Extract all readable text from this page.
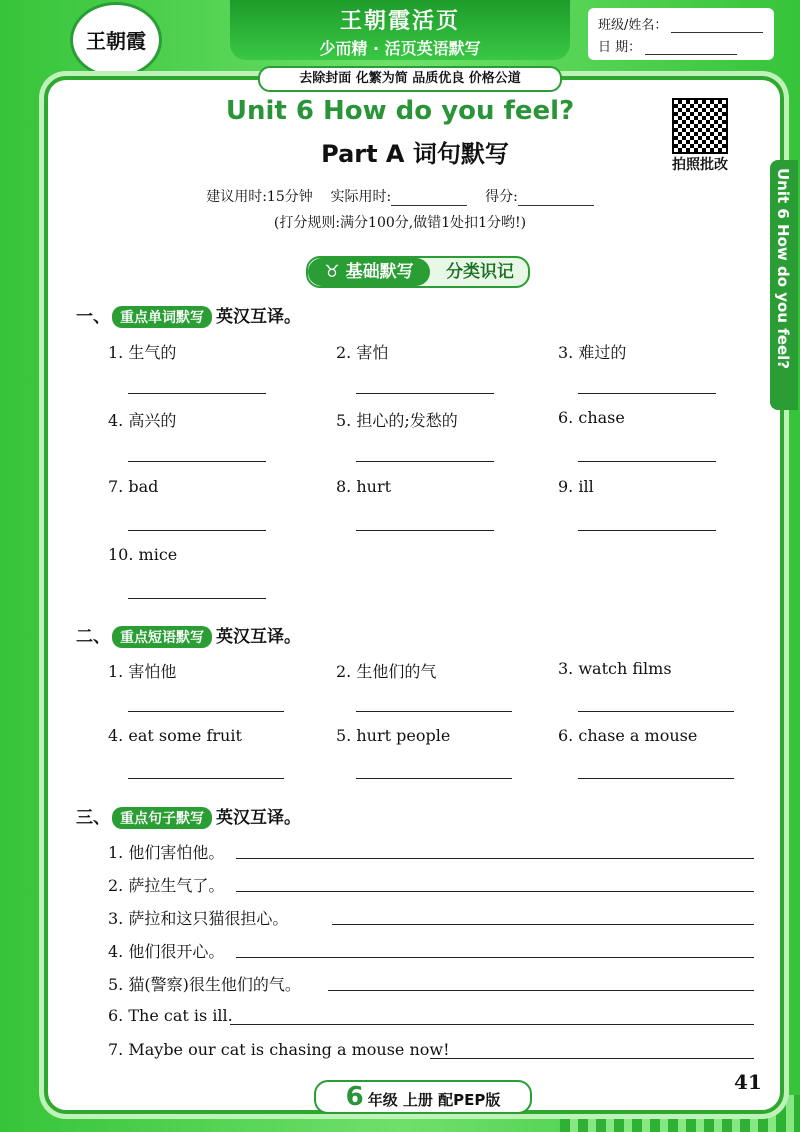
王朝霞活页
少而精 · 活页英语默写
王朝霞
班级/姓名：
日 期：
去除封面 化繁为简 品质优良 价格公道
Unit 6 How do you feel?
Part A 词句默写	拍照批改
建议用时:15分钟 实际用时:	得分:
(打分规则:满分100分,做错1处扣1分哟!)
♉ 基础默写	分类识记
一、 重点单词默写 英汉互译。
1. 生气的	2. 害怕	3. 难过的
4. 高兴的	5. 担心的;发愁的	6. chase
7. bad	8. hurt	9. ill
10. mice
二、 重点短语默写 英汉互译。
1. 害怕他	2. 生他们的气	3. watch films
4. eat some fruit	5. hurt people	6. chase a mouse
三、 重点句子默写 英汉互译。
1. 他们害怕他。
2. 萨拉生气了。
3. 萨拉和这只猫很担心。
4. 他们很开心。
5. 猫(警察)很生他们的气。
6. The cat is ill.
7. Maybe our cat is chasing a mouse now!
Unit 6 How do you feel?
41
6 年级 上册 配PEP版
